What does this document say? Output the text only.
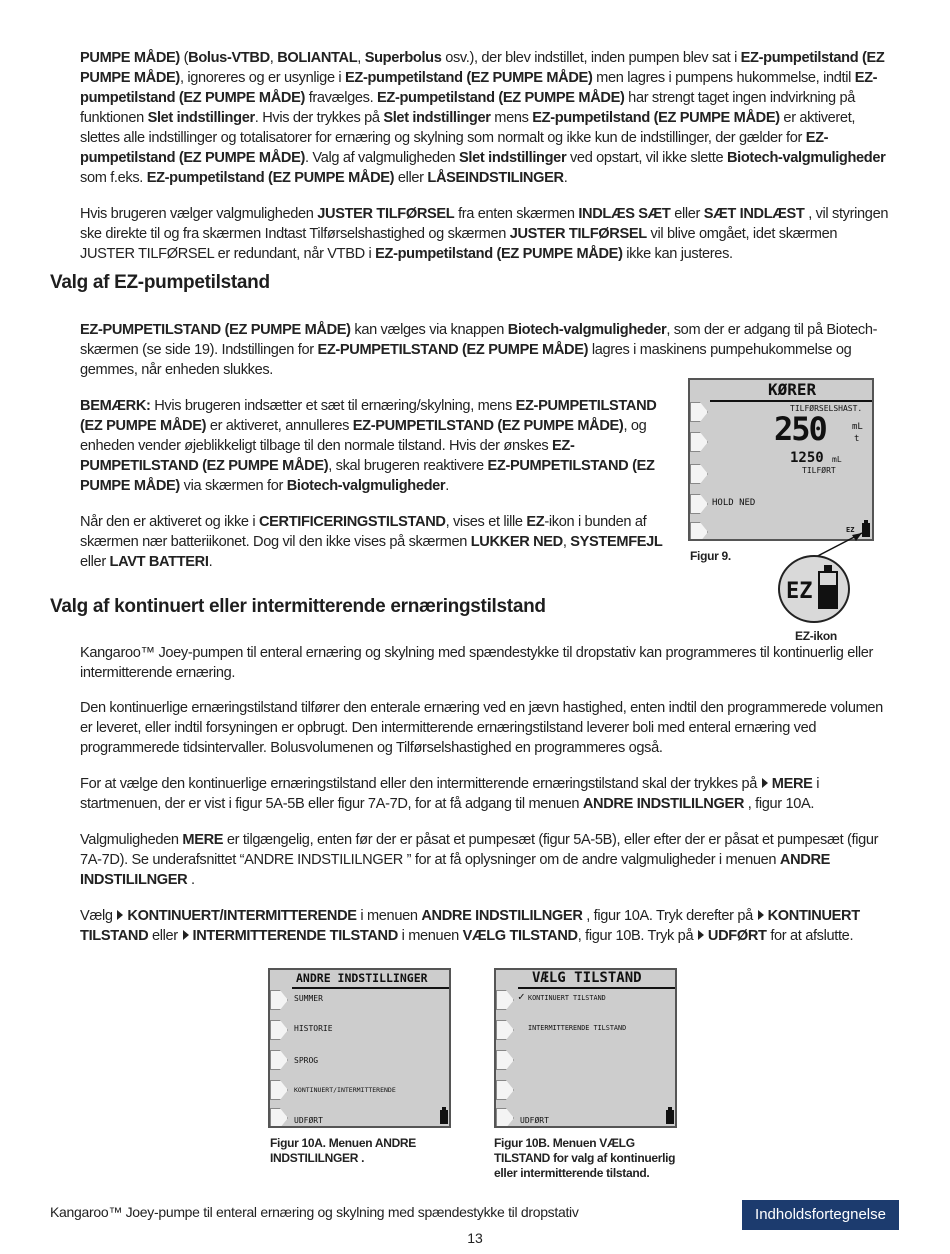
PUMPE MÅDE) (Bolus-VTBD, BOLIANTAL, Superbolus osv.), der blev indstillet, inden pumpen blev sat i EZ-pumpetilstand (EZ PUMPE MÅDE), ignoreres og er usynlige i EZ-pumpetilstand (EZ PUMPE MÅDE) men lagres i pumpens hukommelse, indtil EZ-pumpetilstand (EZ PUMPE MÅDE) fravælges. EZ-pumpetilstand (EZ PUMPE MÅDE) har strengt taget ingen indvirkning på funktionen Slet indstillinger. Hvis der trykkes på Slet indstillinger mens EZ-pumpetilstand (EZ PUMPE MÅDE) er aktiveret, slettes alle indstillinger og totalisatorer for ernæring og skylning som normalt og ikke kun de indstillinger, der gælder for EZ-pumpetilstand (EZ PUMPE MÅDE). Valg af valgmuligheden Slet indstillinger ved opstart, vil ikke slette Biotech-valgmuligheder som f.eks. EZ-pumpetilstand (EZ PUMPE MÅDE) eller LÅSEINDSTILINGER.

Hvis brugeren vælger valgmuligheden JUSTER TILFØRSEL fra enten skærmen INDLÆS SÆT eller SÆT INDLÆST , vil styringen ske direkte til og fra skærmen Indtast Tilførselshastighed og skærmen JUSTER TILFØRSEL vil blive omgået, idet skærmen JUSTER TILFØRSEL er redundant, når VTBD i EZ-pumpetilstand (EZ PUMPE MÅDE) ikke kan justeres.

Valg af EZ-pumpetilstand

EZ-PUMPETILSTAND (EZ PUMPE MÅDE) kan vælges via knappen Biotech-valgmuligheder, som der er adgang til på Biotech-skærmen (se side 19). Indstillingen for EZ-PUMPETILSTAND (EZ PUMPE MÅDE) lagres i maskinens pumpehukommelse og gemmes, når enheden slukkes.

BEMÆRK: Hvis brugeren indsætter et sæt til ernæring/skylning, mens EZ-PUMPETILSTAND (EZ PUMPE MÅDE) er aktiveret, annulleres EZ-PUMPETILSTAND (EZ PUMPE MÅDE), og enheden vender øjeblikkeligt tilbage til den normale tilstand. Hvis der ønskes EZ-PUMPETILSTAND (EZ PUMPE MÅDE), skal brugeren reaktivere EZ-PUMPETILSTAND (EZ PUMPE MÅDE) via skærmen for Biotech-valgmuligheder.

Når den er aktiveret og ikke i CERTIFICERINGSTILSTAND, vises et lille EZ-ikon i bunden af skærmen nær batteriikonet. Dog vil den ikke vises på skærmen LUKKER NED, SYSTEMFEJL eller LAVT BATTERI.

KØRER
TILFØRSELSHAST.
250	mL
t
1250 mL
TILFØRT
HOLD NED
EZ
Figur 9.
EZ
EZ-ikon
Valg af kontinuert eller intermitterende ernæringstilstand

Kangaroo™ Joey-pumpen til enteral ernæring og skylning med spændestykke til dropstativ kan programmeres til kontinuerlig eller intermitterende ernæring.

Den kontinuerlige ernæringstilstand tilfører den enterale ernæring ved en jævn hastighed, enten indtil den programmerede volumen er leveret, eller indtil forsyningen er opbrugt. Den intermitterende ernæringstilstand leverer boli med enteral ernæring ved programmerede tidsintervaller. Bolusvolumenen og Tilførselshastighed en programmeres også.

For at vælge den kontinuerlige ernæringstilstand eller den intermitterende ernæringstilstand skal der trykkes på MERE i startmenuen, der er vist i figur 5A-5B eller figur 7A-7D, for at få adgang til menuen ANDRE INDSTILILNGER , figur 10A.

Valgmuligheden MERE er tilgængelig, enten før der er påsat et pumpesæt (figur 5A-5B), eller efter der er påsat et pumpesæt (figur 7A-7D). Se underafsnittet “ANDRE INDSTILILNGER ” for at få oplysninger om de andre valgmuligheder i menuen ANDRE INDSTILILNGER .

Vælg KONTINUERT/INTERMITTERENDE i menuen ANDRE INDSTILILNGER , figur 10A. Tryk derefter på KONTINUERT TILSTAND eller INTERMITTERENDE TILSTAND i menuen VÆLG TILSTAND, figur 10B. Tryk på UDFØRT for at afslutte.

ANDRE INDSTILLINGER
SUMMER
HISTORIE
SPROG
KONTINUERT/INTERMITTERENDE
UDFØRT
Figur 10A. Menuen ANDRE INDSTILILNGER .
VÆLG TILSTAND
✓ KONTINUERT TILSTAND
INTERMITTERENDE TILSTAND
UDFØRT
Figur 10B. Menuen VÆLG TILSTAND for valg af kontinuerlig eller intermitterende tilstand.
Kangaroo™ Joey-pumpe til enteral ernæring og skylning med spændestykke til dropstativ	Indholdsfortegnelse
13
